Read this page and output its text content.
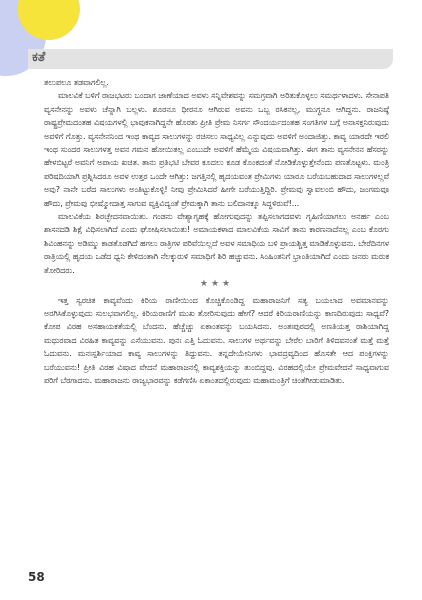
ಕತೆ

ತಲುಪಲೂ ತಡವಾಗಲಿಲ್ಲ.

ಮಾಲವಿಕೆ ಬಳಿಗೆ ರಾಜಭಟರು ಬಂದಾಗ ಜಾಣೆಯಾದ ಅವಳು ಸನ್ನಿವೇಶವನ್ನು ಸಮಗ್ರವಾಗಿ ಅರಿತುಕೊಳ್ಳಲು ಸಮರ್ಥಳಾದಳು. ಸೇನಾಪತಿ ವ್ಯಸನೇನನ್ನು ಅವಳು ಚೆನ್ನಾಗಿ ಬಲ್ಲಳು. ಶೂರನೂ ಧೀರನೂ ಆಗಿರುವ ಅವನು ಒಬ್ಬ ರಸಿಕನಲ್ಲ, ಮುಗ್ಧನೂ ಆಗಿದ್ದನು. ರಾಜನಿಷ್ಠೆ ರಾಷ್ಟ್ರಪ್ರೇಮದಂತಹ ವಿಷಯಗಳಲ್ಲಿ ಭಾವುಕನಾಗಿದ್ದನೇ ಹೊರತು ಪ್ರೀತಿ ಪ್ರೇಮ ನಿಸರ್ಗ ಸೌಂದರ್ಯದಂತಹ ಸಂಗತಿಗಳ ಬಗ್ಗೆ ಅನಾಸಕ್ತನಿರುವುದು ಅವಳಿಗೆ ಗೊತ್ತು. ವ್ಯಸನೇನನಿಂದ ಇಂಥ ಕಾವ್ಯದ ಸಾಲುಗಳನ್ನು ರಚಿಸಲು ಸಾಧ್ಯವಿಲ್ಲ ಎನ್ನುವುದು ಅವಳಿಗೆ ಅಂದಾಜಿತ್ತು. ಕಾವ್ಯ ಯಾರದೇ ಇರಲಿ ಇಂಥ ಸುಂದರ ಸಾಲುಗಳತ್ತ ಅವನ ಗಮನ ಹೋಯಿತಲ್ಲ ಎಂಬುದೇ ಅವಳಿಗೆ ಹೆಮ್ಮೆಯ ವಿಷಯವಾಗಿತ್ತು. ಈಗ ತಾನು ವ್ಯಸನೇನನ ಹೆಸರನ್ನು ಹೇಳಬಿಟ್ಟರೆ ಅವನಿಗೆ ಅಪಾಯ ಖಚಿತ. ತಾನು ಪ್ರತಿಭಟಿ ಬೇವರ ಕೂದಲು ಕೂಡ ಕೊಂಕದಂತೆ ನೋಡಿಕೊಳ್ಳುತ್ತೇನೆಂದು ಪಣತೊಟ್ಟಳು. ಮಂತ್ರಿ ಪರಿಷದಿಯಾಗಿ ಪ್ರಶ್ನಿಸಿದರೂ ಅವಳ ಉತ್ತರ ಒಂದೇ ಆಗಿತ್ತು: ಜಗತ್ತಿನಲ್ಲಿ ಹೃದಯವಂತ ಪ್ರೇಮಿಗಳು ಯಾರೂ ಬರೆಯಬಹುದಾದ ಸಾಲುಗಳಲ್ಲವೆ ಅವು? ನಾನೇ ಬರೆದ ಸಾಲುಗಳು ಅಂತಿಟ್ಟುಕೊಳ್ಳಿ! ನೀವು ಪ್ರೇಮಿಸಿದರೆ ಹೀಗೇ ಬರೆಯುತ್ತಿದ್ದಿರಿ. ಪ್ರೇಮವು ಸ್ವಾವಲಂಬಿ ಹೌದು, ಜಂಗಮವೂ ಹೌದು, ಪ್ರೇಮವು ಭೀಷ್ಮೋದಾತ್ತ ಸಾಗುವ ವ್ಯಕ್ತಿವಿದ್ಯಂತೆ ಪ್ರೇಮಕ್ಕಾಗಿ ತಾನು ಬಲಿದಾನಕ್ಕೂ ಸಿದ್ಧಳಿರುವೆ!...

ಮಾಲವಿಕೆಯ ಶಿರಚ್ಛೇದನವಾಯಿತು. ಗಂಡನು ವೇಶ್ಯಾಗೃಹಕ್ಕೆ ಹೋಗುವುದನ್ನು ತಪ್ಪಿಸಲಾಗದವಳು ಗೃಹಿಣಿಯಾಗಲು ಅನರ್ಹ ಎಂಬ ಶಾಸನದಡಿ ಶಿಕ್ಷೆ ವಿಧಿಸಲಾಗಿದೆ ಎಂದು ಘೋಷಿಸಲಾಯಿತು! ಅಮಾಯಕಳಾದ ಮಾಲವಿಕೆಯ ಸಾವಿಗೆ ತಾನು ಕಾರಣನಾದೆನಲ್ಲ ಎಂಬ ಕೊರಗು ಶಿವಿಂಹನನ್ನು ಅಡಿಮ್ಮು ಕಾಡತೊಡಗಿದೆ ಹಗಲು ರಾತ್ರಿಗಳ ಪರಿವೆಯಿಲ್ಲದೆ ಅವಳ ಸಮಾಧಿಯ ಬಳಿ ಪ್ರಾಯಶ್ಚಿತ್ತ ಮಾಡಿಕೊಳ್ಳುವನು. ಬೇರೆದಿನಗಳ ರಾತ್ರಿಯಲ್ಲಿ ಹೃದಯ ಒಡೆದ ಧ್ವನಿ ಕೇಳಿದಂತಾಗಿ ನೆಲಕ್ಕುರುಳಿ ಸಮಾಧಿಗೆ ಶಿರಿ ಹಚ್ಚುವನು. ಸಿಂಹಿಂತನಿಗೆ ಭ್ರಾಂತಿಯಾಗಿದೆ ಎಂದು ಜನರು ಮರುಕ ತೋರಿದರು.

★★★

ಇತ್ತ ಸ್ವರಚಿತ ಕಾವ್ಯವೆಂದು ಕಿರಿಯ ರಾಣೀಯಿಂದ ಕೊಚ್ಚಿಕೊಂಡಿದ್ದ ಮಹಾರಾಜನಿಗೆ ಸತ್ಯ ಬಯಲಾದ ಅವಮಾನವನ್ನು ಅರಗಿಸಿಕೊಳ್ಳುವುದು ಸುಲಭವಾಗಲಿಲ್ಲ. ಕಿರಿಯರಾಣಿಗೆ ಮುಖ ತೋರಿಸುವುದು ಹೇಗೆ? ಆದರೆ ಕಿರಿಯರಾಣಿಯನ್ನು ಕಾಣದಿರುವುದು ಸಾಧ್ಯವೆ? ಕೋಪ ವಿರಹ ಅಸಹಾಯಕತೆಯಲ್ಲಿ ಬೆಂದನು. ಹೆಚ್ಚೆಚ್ಚು ಏಕಾಂತವನ್ನು ಬಯಸಿದನು. ಅಂತಃಪುರದಲ್ಲಿ ಅಣತಿಯತ್ತ ರಾಶಿಯಾಗಿದ್ದ ಮಧುರವಾದ ವಿರಹಿತ ಕಾವ್ಯವನ್ನು ಎಸೆಯುವನು. ಪುನಃ ಎತ್ತಿ ಓದುವನು. ಸಾಲುಗಳ ಅರ್ಥವನ್ನು ಬೇರೆಲ ಬಾರಿಗೆ ತಿಳಿದವನಂತೆ ಮತ್ತೆ ಮತ್ತೆ ಓದುವನು. ಮನಃಸ್ಪರ್ಶಿಯಾದ ಕಾವ್ಯ ಸಾಲುಗಳನ್ನು ತಿದ್ದುವನು. ತನ್ನದೇಯೇನಿಗಳು ಭಾವದ್ರವ್ಯದಿಂದ ಹೊಸತೇ ಆದ ಪಂಕ್ತಿಗಳನ್ನು ಬರೆಯುವನು! ಪ್ರೀತಿ ವಿರಹ ವಿಷಾದ ವೇದನೆ ಮಹಾರಾಜನಲ್ಲಿ ಕಾವ್ಯಶಕ್ತಿಯನ್ನು ತುಂಬಿದ್ದವು. ವಿರಹದಲ್ಲಿಯೇ ಪ್ರೇಮವೇದನೆ ಸಾಧ್ಯವಾಗುವ ಪರಿಗೆ ಬೆರಗಾದನು. ಮಹಾರಾಜನು ರಾಜ್ಯಭಾರವನ್ನು ಕಡೆಗಣಿಸಿ ಏಕಾಂತದಲ್ಲಿರುವುದು ಮಹಾಮಂತ್ರಿಗೆ ಚಿಂತೆಗೀಡುಮಾಡಿತು.

58
